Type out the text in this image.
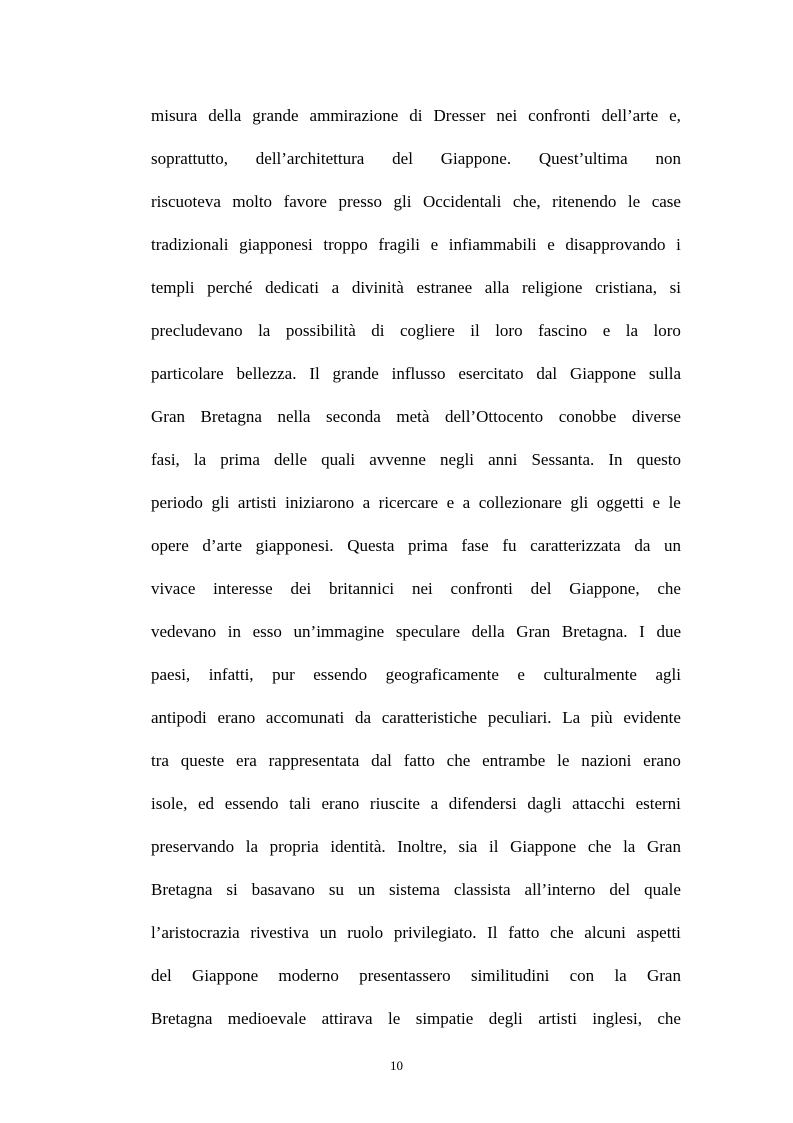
misura della grande ammirazione di Dresser nei confronti dell’arte e,
soprattutto, dell’architettura del Giappone. Quest’ultima non
riscuoteva molto favore presso gli Occidentali che, ritenendo le case
tradizionali giapponesi troppo fragili e infiammabili e disapprovando i
templi perché dedicati a divinità estranee alla religione cristiana, si
precludevano la possibilità di cogliere il loro fascino e la loro
particolare bellezza. Il grande influsso esercitato dal Giappone sulla
Gran Bretagna nella seconda metà dell’Ottocento conobbe diverse
fasi, la prima delle quali avvenne negli anni Sessanta. In questo
periodo gli artisti iniziarono a ricercare e a collezionare gli oggetti e le
opere d’arte giapponesi. Questa prima fase fu caratterizzata da un
vivace interesse dei britannici nei confronti del Giappone, che
vedevano in esso un’immagine speculare della Gran Bretagna. I due
paesi, infatti, pur essendo geograficamente e culturalmente agli
antipodi erano accomunati da caratteristiche peculiari. La più evidente
tra queste era rappresentata dal fatto che entrambe le nazioni erano
isole, ed essendo tali erano riuscite a difendersi dagli attacchi esterni
preservando la propria identità. Inoltre, sia il Giappone che la Gran
Bretagna si basavano su un sistema classista all’interno del quale
l’aristocrazia rivestiva un ruolo privilegiato. Il fatto che alcuni aspetti
del Giappone moderno presentassero similitudini con la Gran
Bretagna medioevale attirava le simpatie degli artisti inglesi, che
10
